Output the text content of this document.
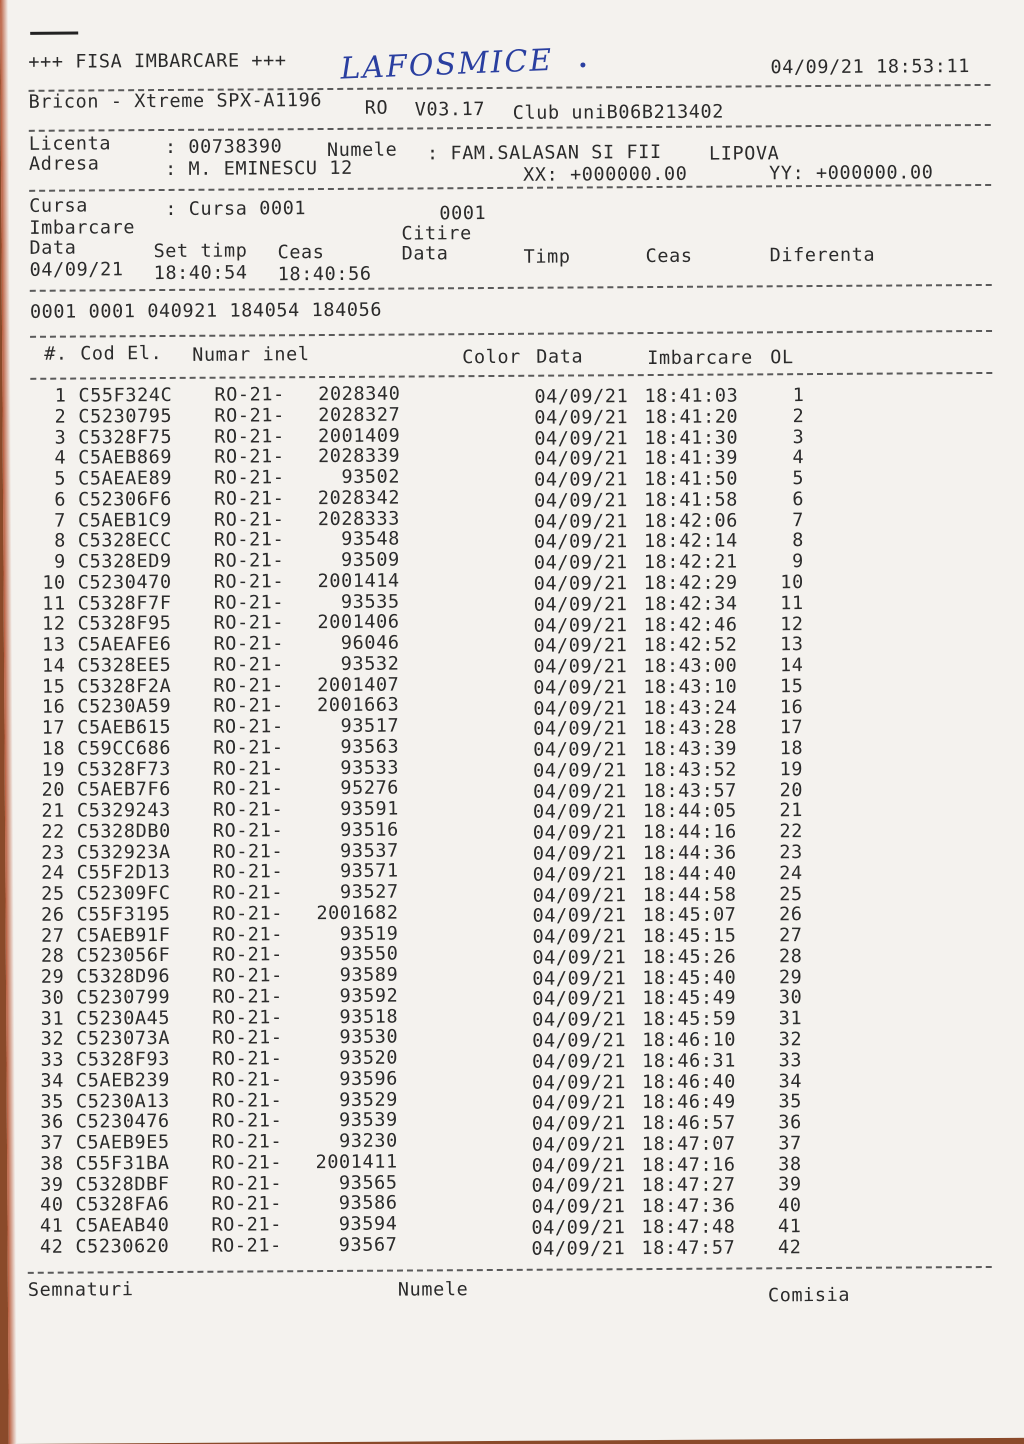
+++ FISA IMBARCARE +++ LAFOSMICE	04/09/21 18:53:11
Bricon - Xtreme SPX-A1196 RO V03.17 Club uniB06B213402
Licenta	: 00738390 Numele : FAM.SALASAN SI FII	LIPOVA
Adresa	: M. EMINESCU 12	XX: +000000.00	YY: +000000.00
Cursa	: Cursa 0001	0001
Imbarcare	Citire
Data	Set timp Ceas	Data	Timp	Ceas	Diferenta
04/09/21 18:40:54 18:40:56
0001 0001 040921 184054 184056
#. Cod El. Numar inel	Color Data	Imbarcare OL
1 C55F324C RO-21- 2028340	04/09/21 18:41:03	1
2 C5230795 RO-21- 2028327	04/09/21 18:41:20	2
3 C5328F75 RO-21- 2001409	04/09/21 18:41:30	3
4 C5AEB869 RO-21- 2028339	04/09/21 18:41:39	4
5 C5AEAE89 RO-21-	93502	04/09/21 18:41:50	5
6 C52306F6 RO-21- 2028342	04/09/21 18:41:58	6
7 C5AEB1C9 RO-21- 2028333	04/09/21 18:42:06	7
8 C5328ECC RO-21-	93548	04/09/21 18:42:14	8
9 C5328ED9 RO-21-	93509	04/09/21 18:42:21	9
10 C5230470 RO-21- 2001414	04/09/21 18:42:29 10
11 C5328F7F RO-21-	93535	04/09/21 18:42:34 11
12 C5328F95 RO-21- 2001406	04/09/21 18:42:46 12
13 C5AEAFE6 RO-21-	96046	04/09/21 18:42:52 13
14 C5328EE5 RO-21-	93532	04/09/21 18:43:00 14
15 C5328F2A RO-21- 2001407	04/09/21 18:43:10 15
16 C5230A59 RO-21- 2001663	04/09/21 18:43:24 16
17 C5AEB615 RO-21-	93517	04/09/21 18:43:28 17
18 C59CC686 RO-21-	93563	04/09/21 18:43:39 18
19 C5328F73 RO-21-	93533	04/09/21 18:43:52 19
20 C5AEB7F6 RO-21-	95276	04/09/21 18:43:57 20
21 C5329243 RO-21-	93591	04/09/21 18:44:05 21
22 C5328DB0 RO-21-	93516	04/09/21 18:44:16 22
23 C532923A RO-21-	93537	04/09/21 18:44:36 23
24 C55F2D13 RO-21-	93571	04/09/21 18:44:40 24
25 C52309FC RO-21-	93527	04/09/21 18:44:58 25
26 C55F3195 RO-21- 2001682	04/09/21 18:45:07 26
27 C5AEB91F RO-21-	93519	04/09/21 18:45:15 27
28 C523056F RO-21-	93550	04/09/21 18:45:26 28
29 C5328D96 RO-21-	93589	04/09/21 18:45:40 29
30 C5230799 RO-21-	93592	04/09/21 18:45:49 30
31 C5230A45 RO-21-	93518	04/09/21 18:45:59 31
32 C523073A RO-21-	93530	04/09/21 18:46:10 32
33 C5328F93 RO-21-	93520	04/09/21 18:46:31 33
34 C5AEB239 RO-21-	93596	04/09/21 18:46:40 34
35 C5230A13 RO-21-	93529	04/09/21 18:46:49 35
36 C5230476 RO-21-	93539	04/09/21 18:46:57 36
37 C5AEB9E5 RO-21-	93230	04/09/21 18:47:07 37
38 C55F31BA RO-21- 2001411	04/09/21 18:47:16 38
39 C5328DBF RO-21-	93565	04/09/21 18:47:27 39
40 C5328FA6 RO-21-	93586	04/09/21 18:47:36 40
41 C5AEAB40 RO-21-	93594	04/09/21 18:47:48 41
42 C5230620 RO-21-	93567	04/09/21 18:47:57 42
Semnaturi	Numele	Comisia
